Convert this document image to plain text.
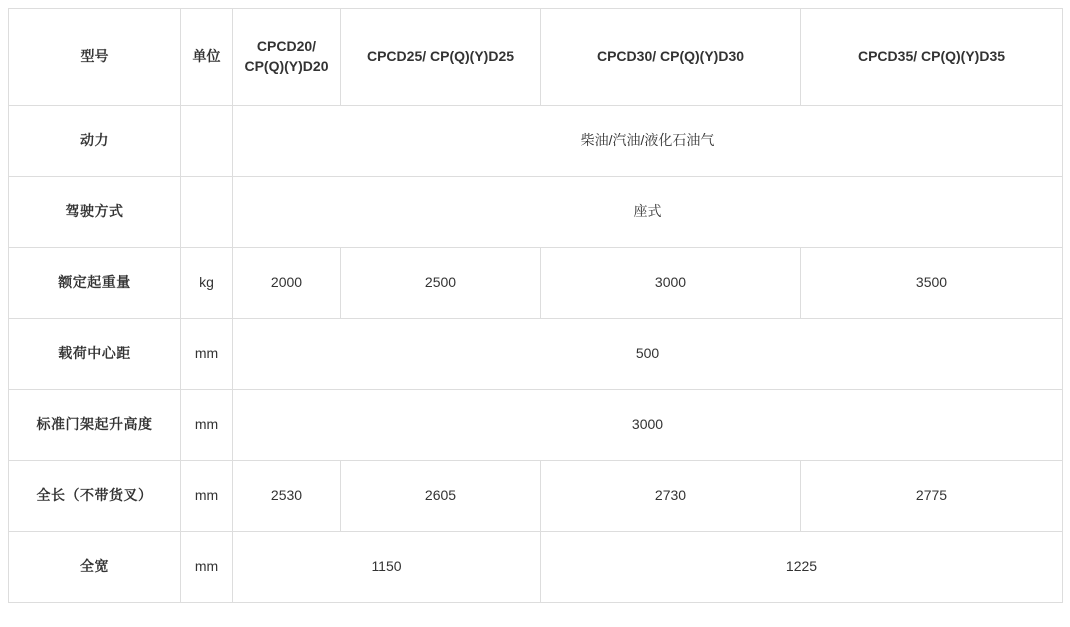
型号	单位	CPCD20/ CP(Q)(Y)D20	CPCD25/ CP(Q)(Y)D25	CPCD30/ CP(Q)(Y)D30	CPCD35/ CP(Q)(Y)D35
动力		柴油/汽油/液化石油气			
驾驶方式		座式			
额定起重量	kg	2000	2500	3000	3500
载荷中心距	mm	500			
标准门架起升高度	mm	3000			
全长（不带货叉）	mm	2530	2605	2730	2775
全宽	mm	1150		1225	
